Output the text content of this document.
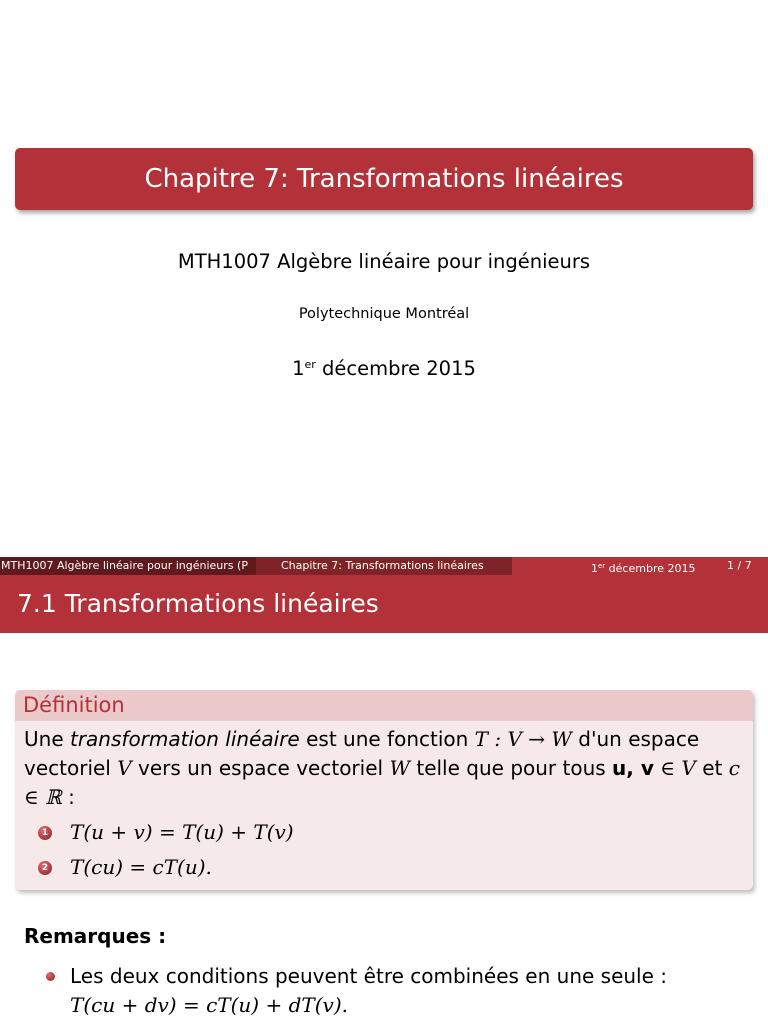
Chapitre 7: Transformations linéaires
MTH1007 Algèbre linéaire pour ingénieurs
Polytechnique Montréal
1er décembre 2015
MTH1007 Algèbre linéaire pour ingénieurs (P	Chapitre 7: Transformations linéaires	1er décembre 2015	1 / 7
7.1 Transformations linéaires
Définition
Une transformation linéaire est une fonction T : V → W d'un espace vectoriel V vers un espace vectoriel W telle que pour tous u, v ∈ V et c ∈ ℝ :
1 T(u + v) = T(u) + T(v)
2 T(cu) = cT(u).
Remarques :
Les deux conditions peuvent être combinées en une seule :
T(cu + dv) = cT(u) + dT(v).
